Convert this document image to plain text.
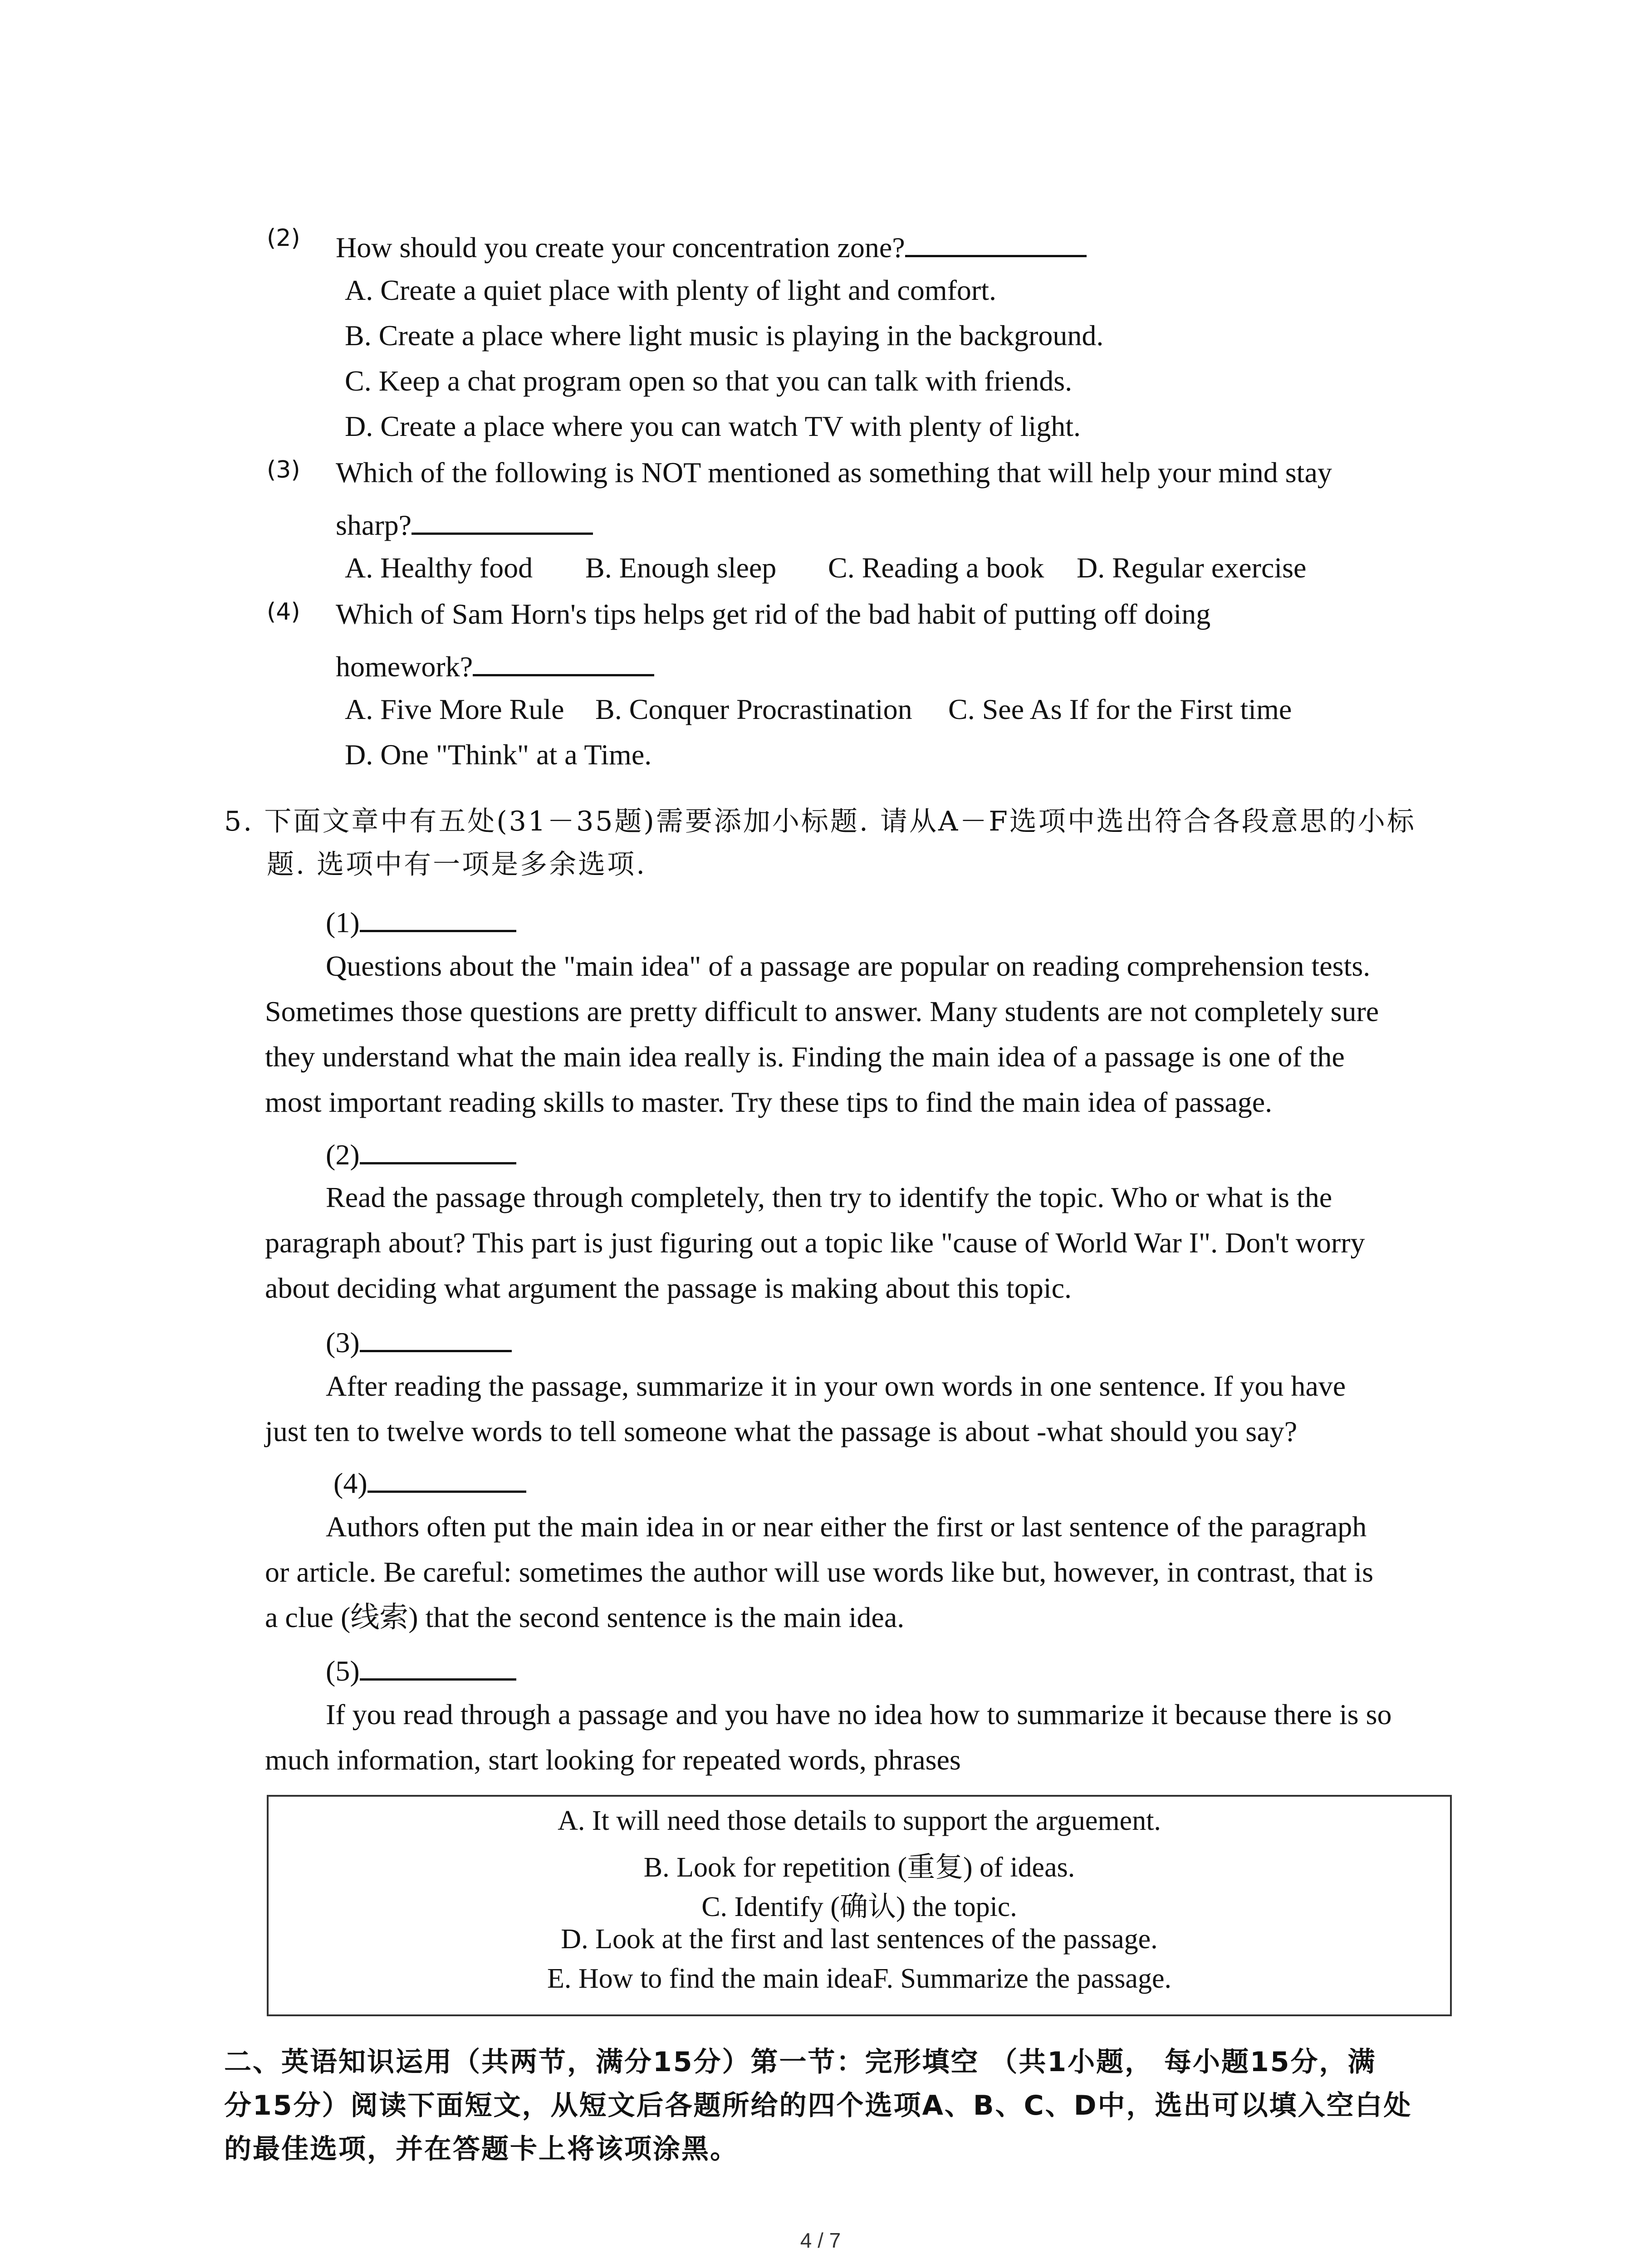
(2) How should you create your concentration zone?
A. Create a quiet place with plenty of light and comfort.
B. Create a place where light music is playing in the background.
C. Keep a chat program open so that you can talk with friends.
D. Create a place where you can watch TV with plenty of light.
(3) Which of the following is NOT mentioned as something that will help your mind stay
sharp?
A. Healthy food B. Enough sleep C. Reading a book D. Regular exercise
(4) Which of Sam Horn's tips helps get rid of the bad habit of putting off doing
homework?
A. Five More Rule B. Conquer Procrastination C. See As If for the First time
D. One "Think" at a Time.
5. 下面文章中有五处(31－35题)需要添加小标题. 请从A－F选项中选出符合各段意思的小标
题. 选项中有一项是多余选项.
(1)
Questions about the "main idea" of a passage are popular on reading comprehension tests.
Sometimes those questions are pretty difficult to answer. Many students are not completely sure
they understand what the main idea really is. Finding the main idea of a passage is one of the
most important reading skills to master. Try these tips to find the main idea of passage.
(2)
Read the passage through completely, then try to identify the topic. Who or what is the
paragraph about? This part is just figuring out a topic like "cause of World War I". Don't worry
about deciding what argument the passage is making about this topic.
(3)
After reading the passage, summarize it in your own words in one sentence. If you have
just ten to twelve words to tell someone what the passage is about -what should you say?
(4)
Authors often put the main idea in or near either the first or last sentence of the paragraph
or article. Be careful: sometimes the author will use words like but, however, in contrast, that is
a clue (线索) that the second sentence is the main idea.
(5)
If you read through a passage and you have no idea how to summarize it because there is so
much information, start looking for repeated words, phrases
A. It will need those details to support the arguement.
B. Look for repetition (重复) of ideas.
C. Identify (确认) the topic.
D. Look at the first and last sentences of the passage.
E. How to find the main ideaF. Summarize the passage.
二、英语知识运用（共两节，满分15分）第一节：完形填空 （共1小题， 每小题15分，满
分15分）阅读下面短文，从短文后各题所给的四个选项A、B、C、D中，选出可以填入空白处
的最佳选项，并在答题卡上将该项涂黑。
4 / 7
